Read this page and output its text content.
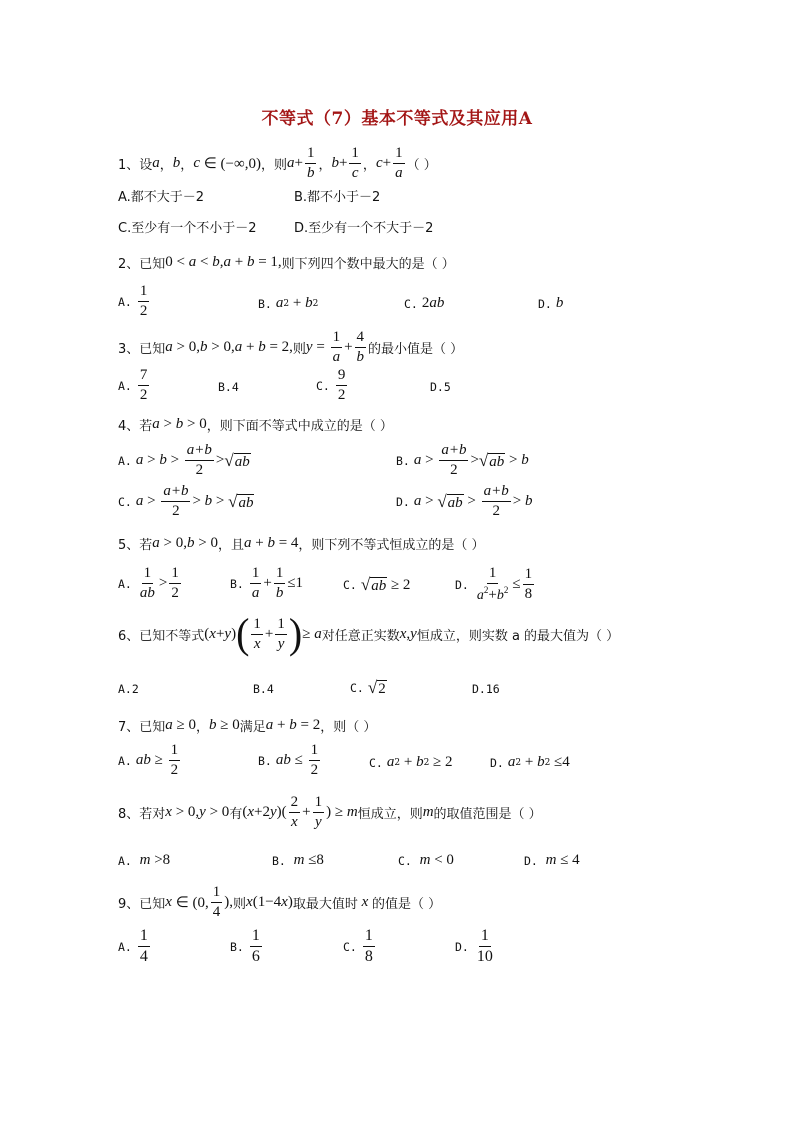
不等式（7）基本不等式及其应用A
1、设 a ， b ， c ∈ (−∞,0) ，则 $a + \frac{1}{b}$ ， $b + \frac{1}{c}$ ， $c + \frac{1}{a}$ （ ）
A.都不大于－2	B.都不小于－2
C.至少有一个不小于－2	D.至少有一个不大于－2
2、已知 0 < a < b , a + b = 1, 则下列四个数中最大的是（ ）
A. $\frac{1}{2}$	B. a 2 + b 2	C. 2 ab	D. b
3、已知 a > 0, b > 0, a + b = 2, 则 $y = \frac{1}{a} + \frac{4}{b}$ 的最小值是（ ）
A. $\frac{7}{2}$	B.4	C. $\frac{9}{2}$	D.5
4、若 a > b > 0 ，则下面不等式中成立的是（ ）
A. $a > b > \frac{a+b}{2}$ > √ ab	B. $a > \frac{a+b}{2}$ > √ ab > b
C. $a > \frac{a+b}{2} > b$ > √ ab	D. a > √ ab > $\frac{a+b}{2} > b$
5、若 a > 0, b > 0 ，且 a + b = 4 ，则下列不等式恒成立的是（ ）
A. $\frac{1}{ab} > \frac{1}{2}$	B. $\frac{1}{a} + \frac{1}{b} \le 1$	C. √ ab ≥ 2	D. $\frac{1}{a^2+b^2} \le \frac{1}{8}$
6、已知不等式 ( x + y ) ( $\frac{1}{x} + \frac{1}{y}$ ) ≥ a 对任意正实数 x , y 恒成立，则实数 a 的最大值为（ ）
A.2	B.4	C. √ 2	D.16
7、已知 a ≥ 0 ， b ≥ 0 满足 a + b = 2 ，则（ ）
A. ab ≥ $\frac{1}{2}$	B. ab ≤ $\frac{1}{2}$	C. a 2 + b 2 ≥ 2	D. a 2 + b 2 ≤4
8、若对 x > 0, y > 0 有 ( x +2 y )( $\frac{2}{x} + \frac{1}{y}$ ) ≥ m 恒成立，则 m 的取值范围是（ ）
A. m >8	B. m ≤8	C. m < 0	D. m ≤ 4
9、已知 x ∈ (0, $\frac{1}{4}$ ), 则 x (1−4 x ) 取最大值时 x 的值是（ ）
A. $\frac{1}{4}$	B. $\frac{1}{6}$	C. $\frac{1}{8}$	D. $\frac{1}{10}$
